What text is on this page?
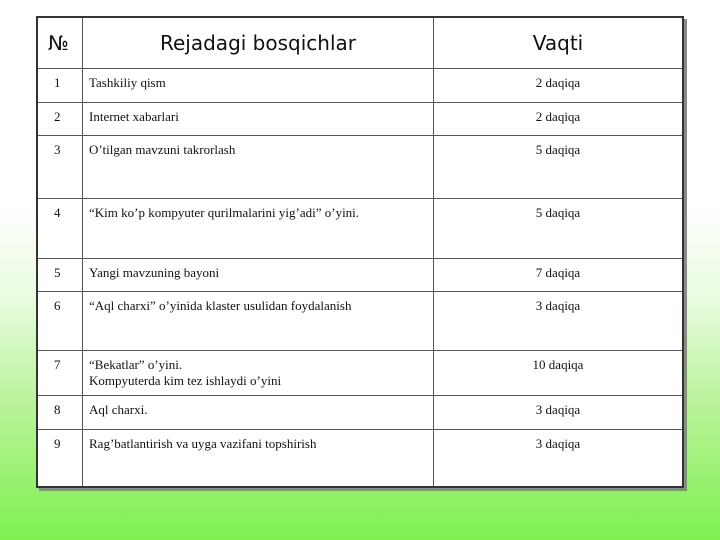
№	Rejadagi bosqichlar	Vaqti
1	Tashkiliy qism	2 daqiqa
2	Internet xabarlari	2 daqiqa
3	O’tilgan mavzuni takrorlash	5 daqiqa
4	“Kim ko’p kompyuter qurilmalarini yig’adi” o’yini.	5 daqiqa
5	Yangi mavzuning bayoni	7 daqiqa
6	“Aql charxi” o’yinida klaster usulidan foydalanish	3 daqiqa
7	“Bekatlar” o’yini.
Kompyuterda kim tez ishlaydi o’yini	10 daqiqa
8	Aql charxi.	3 daqiqa
9	Rag’batlantirish va uyga vazifani topshirish	3 daqiqa
